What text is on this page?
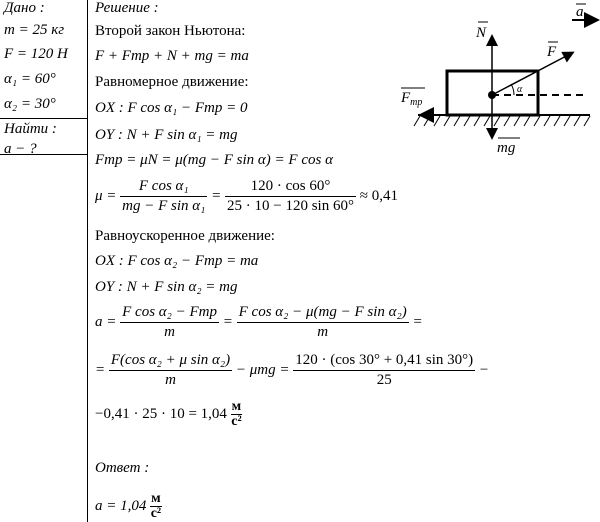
Дано :
m = 25 кг
F = 120 Н
α₁ = 60°
α₂ = 30°
Найти :
a − ?
Решение :
Второй закон Ньютона:
F + Fтр + N + mg = ma
Равномерное движение:
OX : F cos α₁ − Fтр = 0
OY : N + F sin α₁ = mg
Fтр = μN = μ(mg − F sin α) = F cos α
$\mu = \frac{\text{F cos α₁}}{\text{mg − F sin α₁}} = \frac{120 \cdot \cos 60^\circ}{25 \cdot 10 - 120 \sin 60^\circ} \approx 0,41$
Равноускоренное движение:
OX : F cos α₂ − Fтр = ma
OY : N + F sin α₂ = mg
$a = \frac{\text{F cos α₂ − Fтр}}{m} = \frac{\text{F cos α₂ − μ(mg − F sin α₂)}}{m}$ =
= $\frac{\text{F(cos α₂ + μ sin α₂)}}{m} - \mu mg = \frac{120 \cdot (\cos 30^\circ + 0,41 \sin 30^\circ)}{25}$ −
−0,41 · 25 · 10 = 1,04 м
с²
Ответ :
a = 1,04 м
с²
N
F
a
$F_{тр}$
mg
α
